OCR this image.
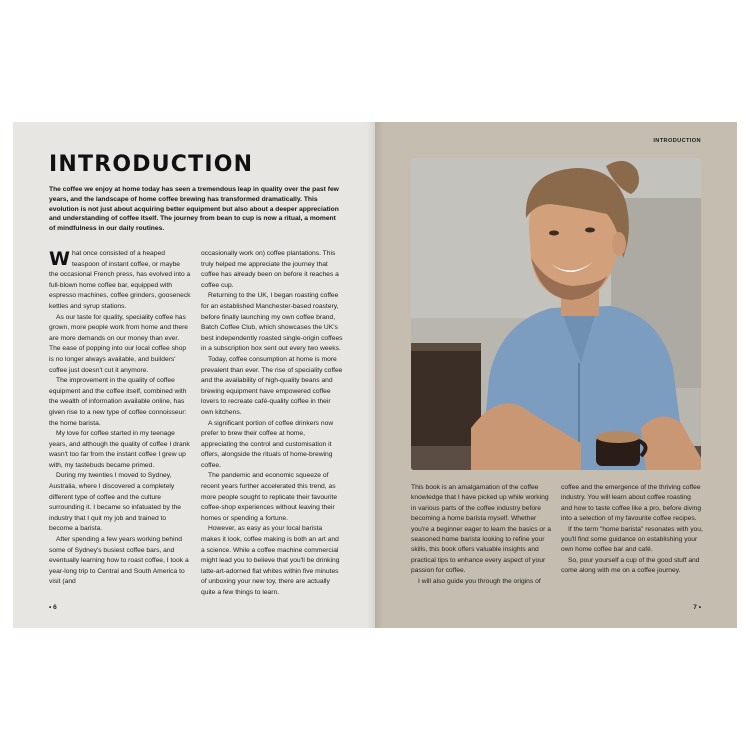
INTRODUCTION

The coffee we enjoy at home today has seen a tremendous leap in quality over the past few years, and the landscape of home coffee brewing has transformed dramatically. This evolution is not just about acquiring better equipment but also about a deeper appreciation and understanding of coffee itself. The journey from bean to cup is now a ritual, a moment of mindfulness in our daily routines.

What once consisted of a heaped teaspoon of instant coffee, or maybe the occasional French press, has evolved into a full-blown home coffee bar, equipped with espresso machines, coffee grinders, gooseneck kettles and syrup stations.

As our taste for quality, speciality coffee has grown, more people work from home and there are more demands on our money than ever. The ease of popping into our local coffee shop is no longer always available, and builders' coffee just doesn't cut it anymore.

The improvement in the quality of coffee equipment and the coffee itself, combined with the wealth of information available online, has given rise to a new type of coffee connoisseur: the home barista.

My love for coffee started in my teenage years, and although the quality of coffee I drank wasn't too far from the instant coffee I grew up with, my tastebuds became primed.

During my twenties I moved to Sydney, Australia, where I discovered a completely different type of coffee and the culture surrounding it. I became so infatuated by the industry that I quit my job and trained to become a barista.

After spending a few years working behind some of Sydney's busiest coffee bars, and eventually learning how to roast coffee, I took a year-long trip to Central and South America to visit (and

occasionally work on) coffee plantations. This truly helped me appreciate the journey that coffee has already been on before it reaches a coffee cup.

Returning to the UK, I began roasting coffee for an established Manchester-based roastery, before finally launching my own coffee brand, Batch Coffee Club, which showcases the UK's best independently roasted single-origin coffees in a subscription box sent out every two weeks.

Today, coffee consumption at home is more prevalent than ever. The rise of speciality coffee and the availability of high-quality beans and brewing equipment have empowered coffee lovers to recreate café-quality coffee in their own kitchens.

A significant portion of coffee drinkers now prefer to brew their coffee at home, appreciating the control and customisation it offers, alongside the rituals of home-brewing coffee.

The pandemic and economic squeeze of recent years further accelerated this trend, as more people sought to replicate their favourite coffee-shop experiences without leaving their homes or spending a fortune.

However, as easy as your local barista makes it look, coffee making is both an art and a science. While a coffee machine commercial might lead you to believe that you'll be drinking latte-art-adorned flat whites within five minutes of unboxing your new toy, there are actually quite a few things to learn.

• 6
INTRODUCTION

This book is an amalgamation of the coffee knowledge that I have picked up while working in various parts of the coffee industry before becoming a home barista myself. Whether you're a beginner eager to learn the basics or a seasoned home barista looking to refine your skills, this book offers valuable insights and practical tips to enhance every aspect of your passion for coffee.

I will also guide you through the origins of

coffee and the emergence of the thriving coffee industry. You will learn about coffee roasting and how to taste coffee like a pro, before diving into a selection of my favourite coffee recipes.

If the term "home barista" resonates with you, you'll find some guidance on establishing your own home coffee bar and café.

So, pour yourself a cup of the good stuff and come along with me on a coffee journey.

7 •
